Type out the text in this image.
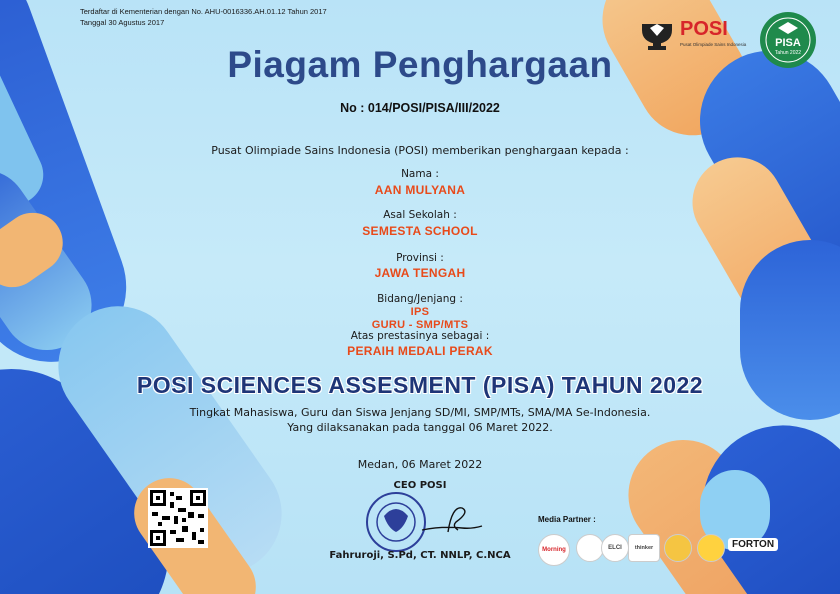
Terdaftar di Kementerian dengan No. AHU-0016336.AH.01.12 Tahun 2017
Tanggal 30 Agustus 2017	POSI
Pusat Olimpiade Sains Indonesia	PISA
Tahun 2022
Piagam Penghargaan
No : 014/POSI/PISA/III/2022
Pusat Olimpiade Sains Indonesia (POSI) memberikan penghargaan kepada :
Nama :
AAN MULYANA
Asal Sekolah :
SEMESTA SCHOOL
Provinsi :
JAWA TENGAH
Bidang/Jenjang :
IPS
GURU - SMP/MTS
Atas prestasinya sebagai :
PERAIH MEDALI PERAK
POSI SCIENCES ASSESMENT (PISA) TAHUN 2022
Tingkat Mahasiswa, Guru dan Siswa Jenjang SD/MI, SMP/MTs, SMA/MA Se-Indonesia.
Yang dilaksanakan pada tanggal 06 Maret 2022.
Medan, 06 Maret 2022
CEO POSI
Fahruroji, S.Pd, CT. NNLP, C.NCA
Media Partner :
Morning	ELCI	thinker	FORTON
